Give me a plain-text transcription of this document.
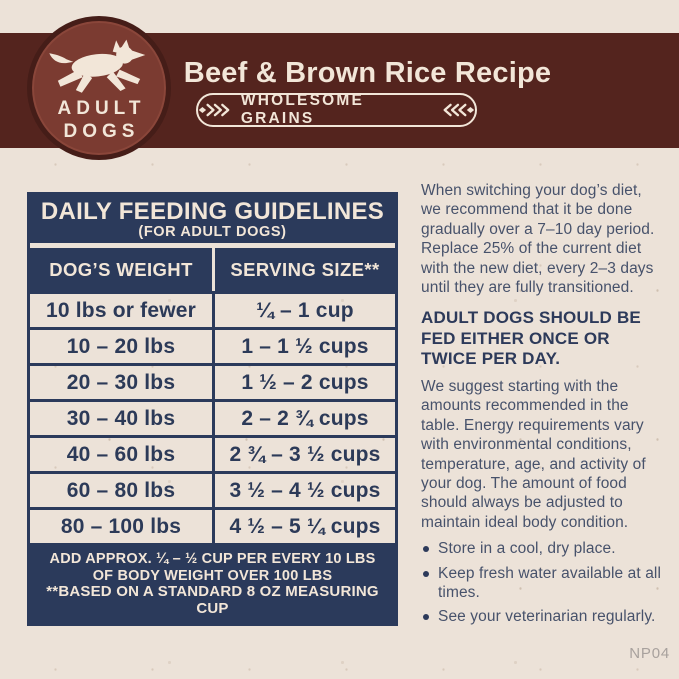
Beef & Brown Rice Recipe
WHOLESOME GRAINS
ADULT
DOGS
DAILY FEEDING GUIDELINES
(FOR ADULT DOGS)
DOG’S WEIGHT	SERVING SIZE**
10 lbs or fewer	¼ – 1 cup
10 – 20 lbs	1 – 1 ½ cups
20 – 30 lbs	1 ½ – 2 cups
30 – 40 lbs	2 – 2 ¾ cups
40 – 60 lbs	2 ¾ – 3 ½ cups
60 – 80 lbs	3 ½ – 4 ½ cups
80 – 100 lbs	4 ½ – 5 ¼ cups
ADD APPROX. ¼ – ½ CUP PER EVERY 10 LBS
OF BODY WEIGHT OVER 100 LBS
**BASED ON A STANDARD 8 OZ MEASURING CUP

When switching your dog’s diet, we recommend that it be done gradually over a 7–10 day period. Replace 25% of the current diet with the new diet, every 2–3 days until they are fully transitioned.

ADULT DOGS SHOULD BE FED EITHER ONCE OR TWICE PER DAY.

We suggest starting with the amounts recommended in the table. Energy requirements vary with environmental conditions, temperature, age, and activity of your dog. The amount of food should always be adjusted to maintain ideal body condition.

Store in a cool, dry place.
Keep fresh water available at all times.
See your veterinarian regularly.
NP04
